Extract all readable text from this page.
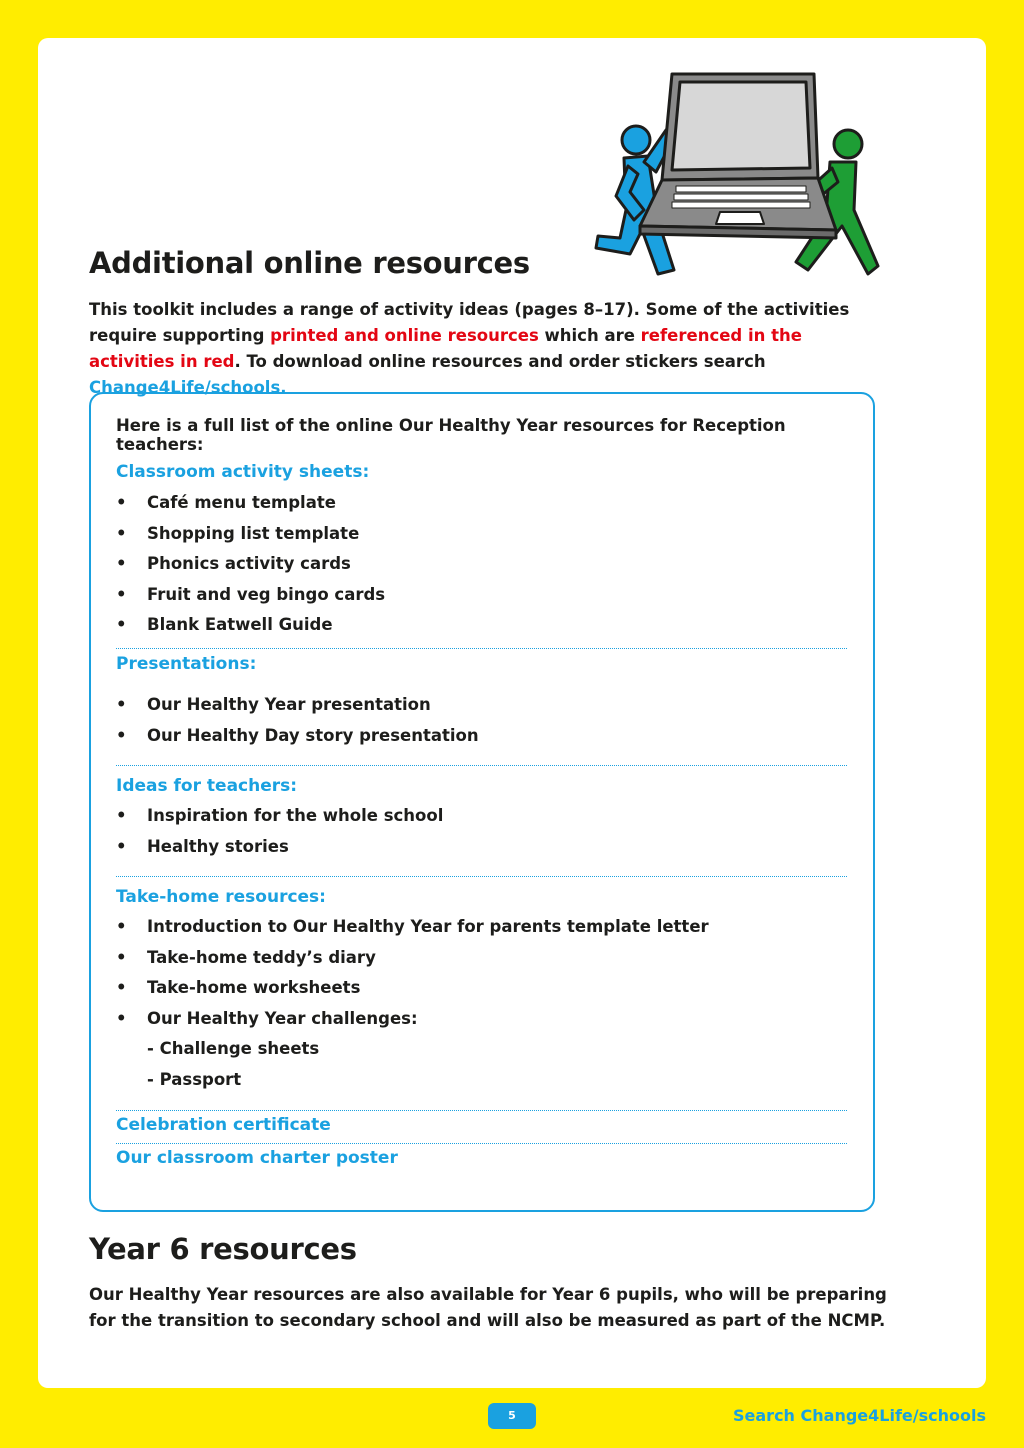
Additional online resources

This toolkit includes a range of activity ideas (pages 8–17). Some of the activities require supporting printed and online resources which are referenced in the activities in red. To download online resources and order stickers search Change4Life/schools.

Here is a full list of the online Our Healthy Year resources for Reception teachers:

Classroom activity sheets:
• Café menu template
• Shopping list template
• Phonics activity cards
• Fruit and veg bingo cards
• Blank Eatwell Guide
Presentations:
• Our Healthy Year presentation
• Our Healthy Day story presentation
Ideas for teachers:
• Inspiration for the whole school
• Healthy stories
Take-home resources:
• Introduction to Our Healthy Year for parents template letter
• Take-home teddy’s diary
• Take-home worksheets
• Our Healthy Year challenges:
- Challenge sheets
- Passport
Celebration certificate
Our classroom charter poster
Year 6 resources

Our Healthy Year resources are also available for Year 6 pupils, who will be preparing for the transition to secondary school and will also be measured as part of the NCMP.

5	Search Change4Life/schools
